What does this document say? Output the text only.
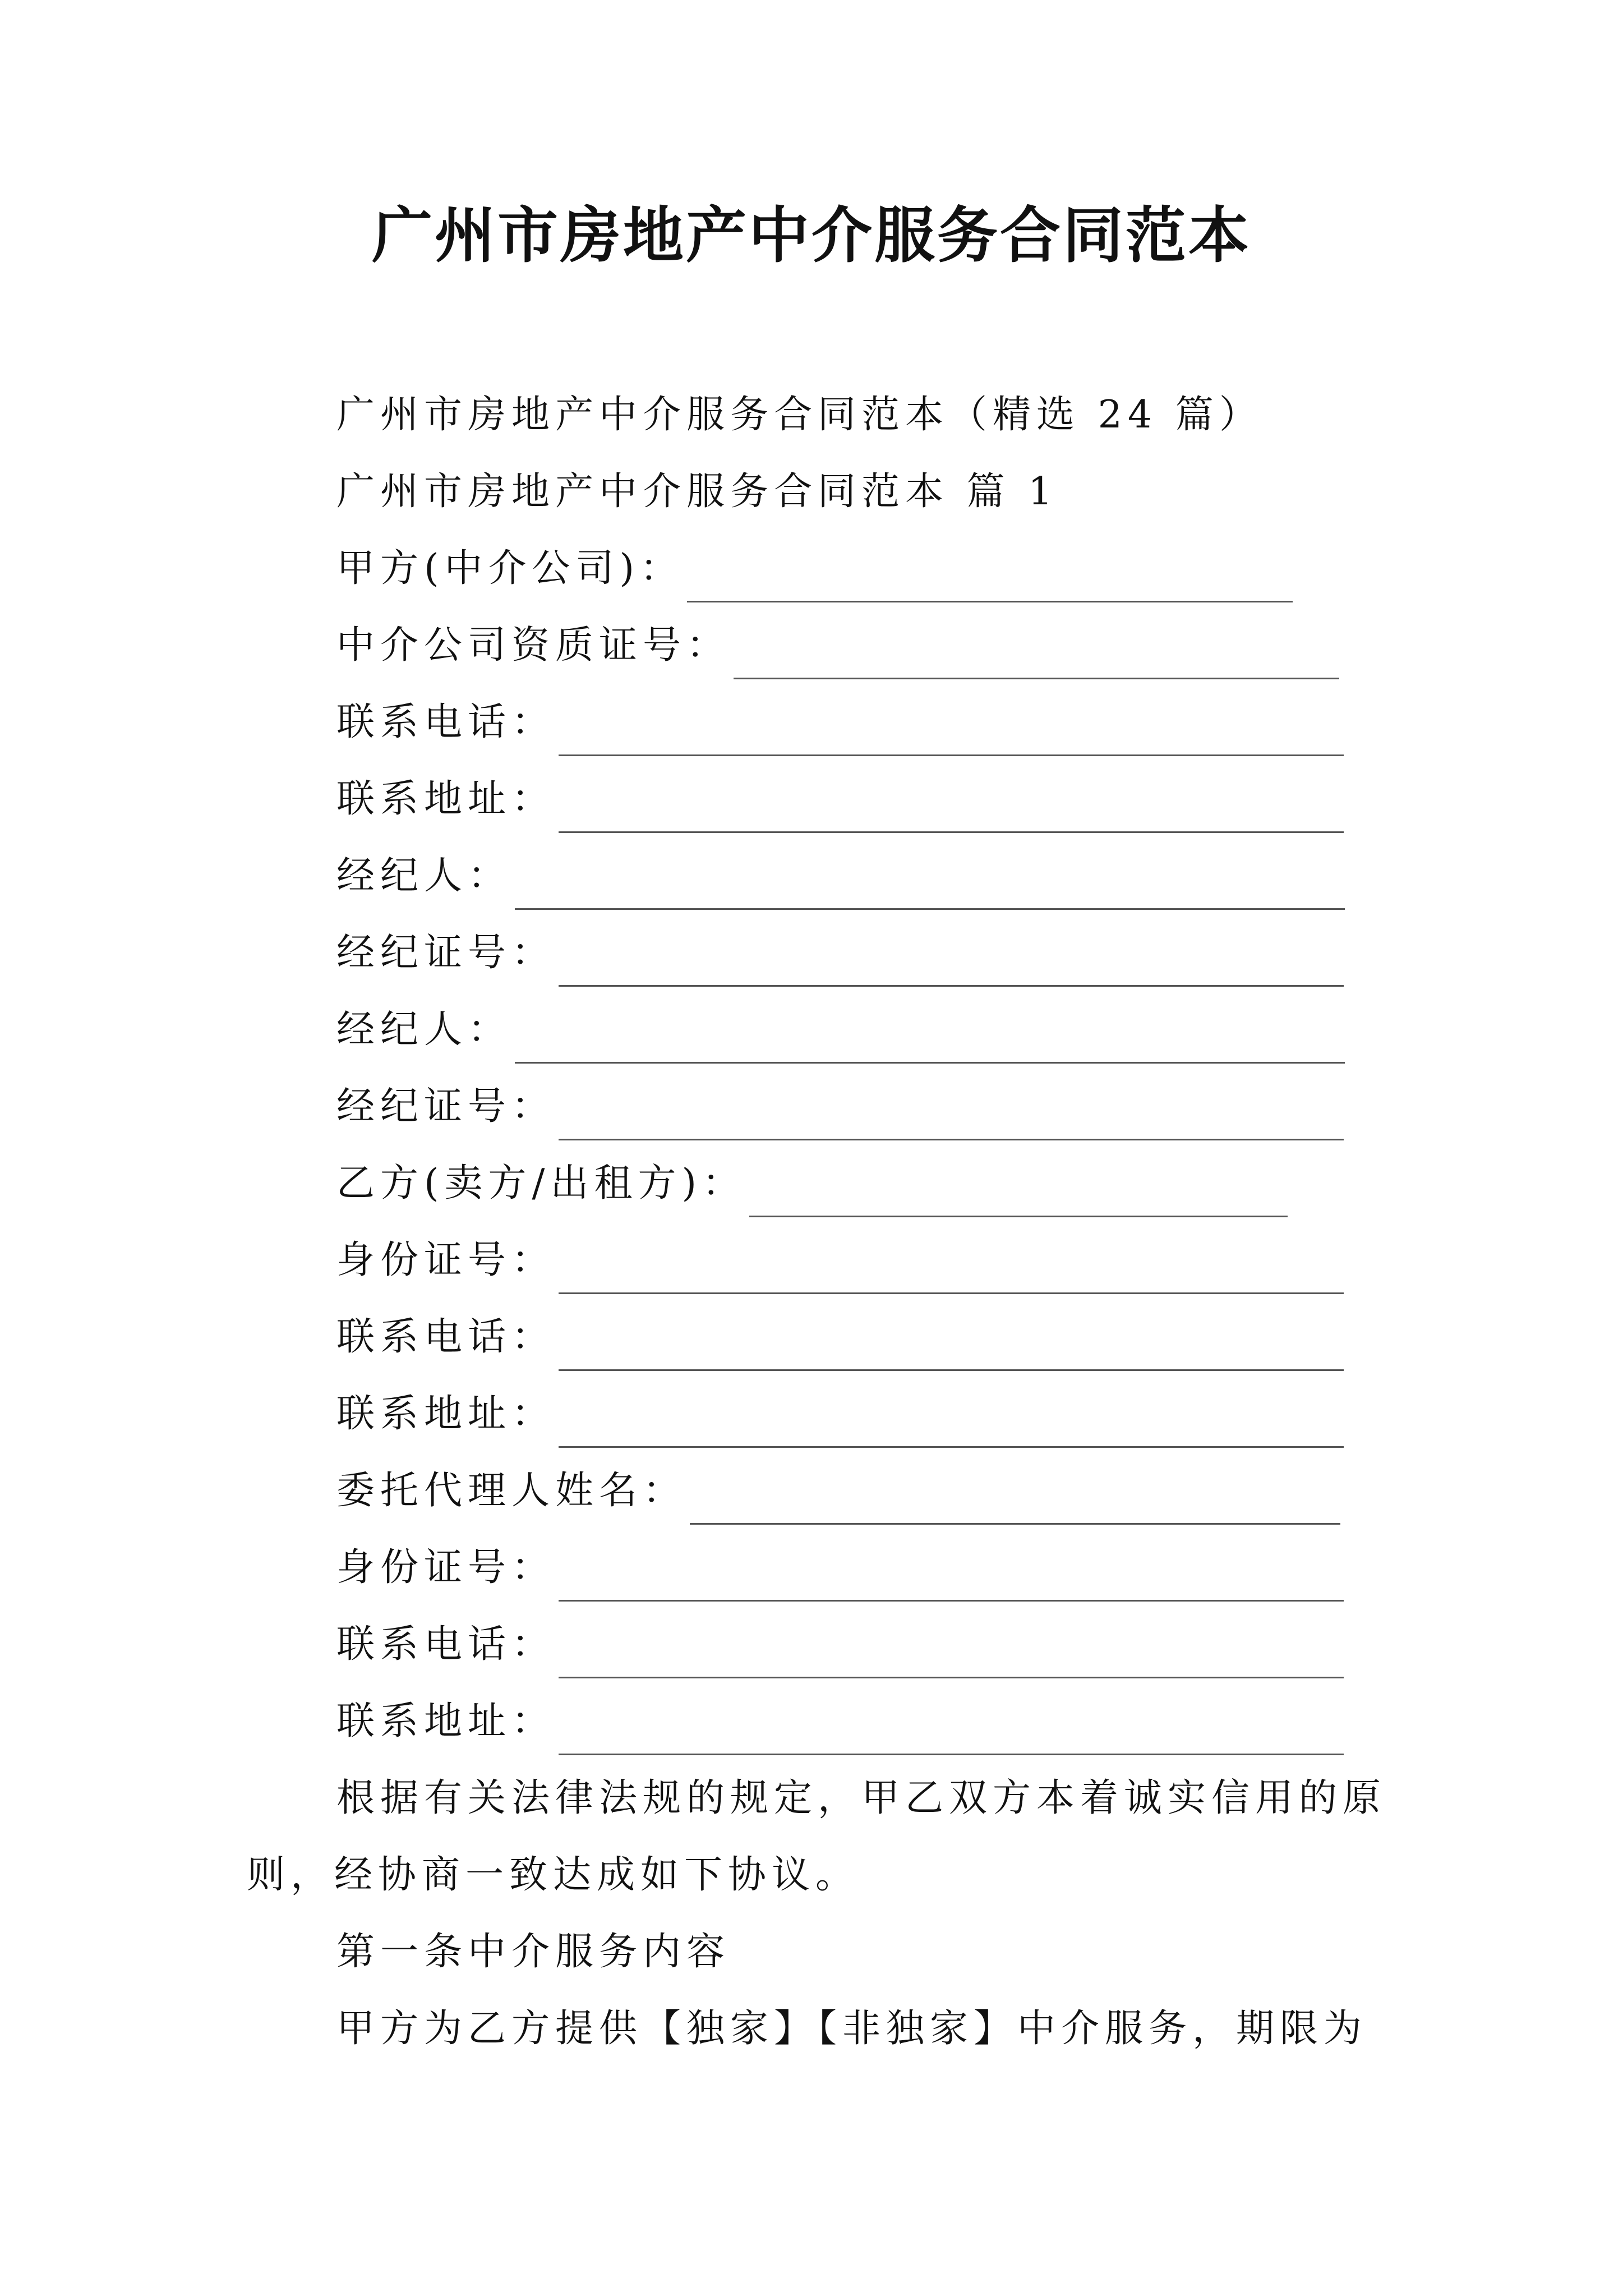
广州市房地产中介服务合同范本
广州市房地产中介服务合同范本（精选 24 篇）
广州市房地产中介服务合同范本 篇 1
甲方(中介公司)：
中介公司资质证号：
联系电话：
联系地址：
经纪人：
经纪证号：
经纪人：
经纪证号：
乙方(卖方/出租方)：
身份证号：
联系电话：
联系地址：
委托代理人姓名：
身份证号：
联系电话：
联系地址：
根据有关法律法规的规定，甲乙双方本着诚实信用的原
则，经协商一致达成如下协议。
第一条中介服务内容
甲方为乙方提供【独家】【非独家】中介服务，期限为
